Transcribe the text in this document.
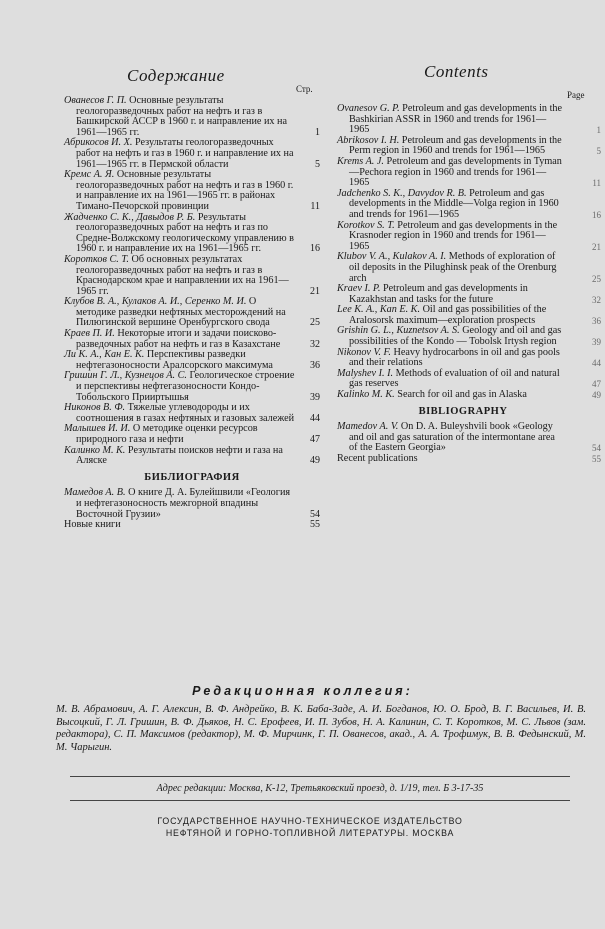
Содержание	Contents
Стр.
Page
Ованесов Г. П. Основные результаты геологоразведочных работ на нефть и газ в Башкирской АССР в 1960 г. и направление их на 1961—1965 гг.	1
Абрикосов И. Х. Результаты геологоразведочных работ на нефть и газ в 1960 г. и направление их на 1961—1965 гг. в Пермской области	5
Кремс А. Я. Основные результаты геологоразведочных работ на нефть и газ в 1960 г. и направление их на 1961—1965 гг. в районах Тимано-Печорской провинции	11
Жадченко С. К., Давыдов Р. Б. Результаты геологоразведочных работ на нефть и газ по Средне-Волжскому геологическому управлению в 1960 г. и направление их на 1961—1965 гг.	16
Коротков С. Т. Об основных результатах геологоразведочных работ на нефть и газ в Краснодарском крае и направлении их на 1961—1965 гг.	21
Клубов В. А., Кулаков А. И., Серенко М. И. О методике разведки нефтяных месторождений на Пилюгинской вершине Оренбургского свода	25
Краев П. И. Некоторые итоги и задачи поисково-разведочных работ на нефть и газ в Казахстане	32
Ли К. А., Кан Е. К. Перспективы разведки нефтегазоносности Аралсорского максимума	36
Гришин Г. Л., Кузнецов А. С. Геологическое строение и перспективы нефтегазоносности Кондо-Тобольского Прииртышья	39
Никонов В. Ф. Тяжелые углеводороды и их соотношения в газах нефтяных и газовых залежей	44
Малышев И. И. О методике оценки ресурсов природного газа и нефти	47
Калинко М. К. Результаты поисков нефти и газа на Аляске	49
БИБЛИОГРАФИЯ
Мамедов А. В. О книге Д. А. Булейшвили «Геология и нефтегазоносность межгорной впадины Восточной Грузии»	54
Новые книги	55
Ovanesov G. P. Petroleum and gas developments in the Bashkirian ASSR in 1960 and trends for 1961—1965	1
Abrikosov I. H. Petroleum and gas developments in the Perm region in 1960 and trends for 1961—1965	5
Krems A. J. Petroleum and gas developments in Tyman—Pechora region in 1960 and trends for 1961—1965	11
Jadchenko S. K., Davydov R. B. Petroleum and gas developments in the Middle—Volga region in 1960 and trends for 1961—1965	16
Korotkov S. T. Petroleum and gas developments in the Krasnoder region in 1960 and trends for 1961—1965	21
Klubov V. A., Kulakov A. I. Methods of exploration of oil deposits in the Pilughinsk peak of the Orenburg arch	25
Kraev I. P. Petroleum and gas developments in Kazakhstan and tasks for the future	32
Lee K. A., Kan E. K. Oil and gas possibilities of the Aralosorsk maximum—exploration prospects	36
Grishin G. L., Kuznetsov A. S. Geology and oil and gas possibilities of the Kondo — Tobolsk Irtysh region	39
Nikonov V. F. Heavy hydrocarbons in oil and gas pools and their relations	44
Malyshev I. I. Methods of evaluation of oil and natural gas reserves	47
Kalinko M. K. Search for oil and gas in Alaska	49
BIBLIOGRAPHY
Mamedov A. V. On D. A. Buleyshvili book «Geology and oil and gas saturation of the intermontane area of the Eastern Georgia»	54
Recent publications	55
Редакционная коллегия:
М. В. Абрамович, А. Г. Алексин, В. Ф. Андрейко, В. К. Баба-Заде, А. И. Богданов, Ю. О. Брод, В. Г. Васильев, И. В. Высоцкий, Г. Л. Гришин, В. Ф. Дьяков, Н. С. Ерофеев, И. П. Зубов, Н. А. Калинин, С. Т. Коротков, М. С. Львов (зам. редактора), С. П. Максимов (редактор), М. Ф. Мирчинк, Г. П. Ованесов, акад., А. А. Трофимук, В. В. Федынский, М. М. Чарыгин.
Адрес редакции: Москва, К-12, Третьяковский проезд, д. 1/19, тел. Б 3-17-35
ГОСУДАРСТВЕННОЕ НАУЧНО-ТЕХНИЧЕСКОЕ ИЗДАТЕЛЬСТВО
НЕФТЯНОЙ И ГОРНО-ТОПЛИВНОЙ ЛИТЕРАТУРЫ. МОСКВА
